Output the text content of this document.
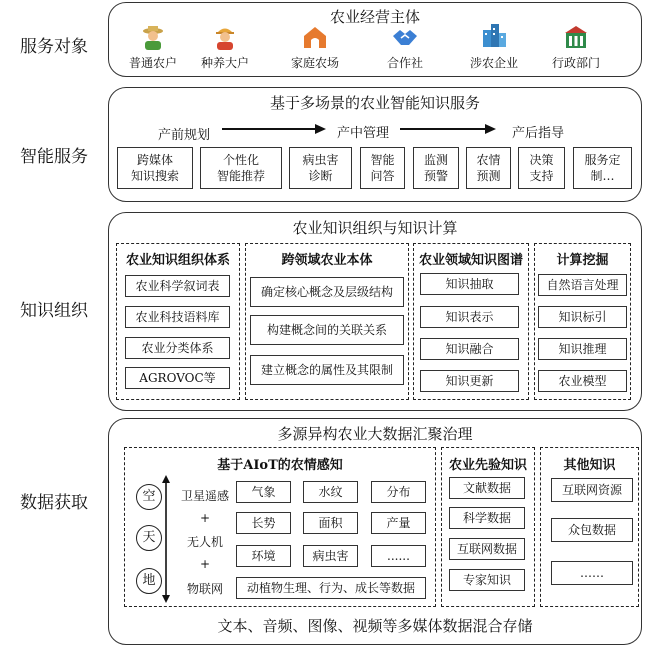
服务对象
智能服务
知识组织
数据获取
农业经营主体
普通农户	种养大户	家庭农场	合作社	涉农企业	行政部门
基于多场景的农业智能知识服务
产前规划	产中管理	产后指导
跨媒体
知识搜索
个性化
智能推荐
病虫害
诊断
智能
问答
监测
预警
农情
预测
决策
支持
服务定
制…
农业知识组织与知识计算
农业知识组织体系
农业科学叙词表
农业科技语料库
农业分类体系
AGROVOC等
跨领域农业本体
确定核心概念及层级结构
构建概念间的关联关系
建立概念的属性及其限制
农业领域知识图谱
知识抽取
知识表示
知识融合
知识更新
计算挖掘
自然语言处理
知识标引
知识推理
农业模型
多源异构农业大数据汇聚治理
文本、音频、图像、视频等多媒体数据混合存储
基于AIoT的农情感知
空
天
地
卫星遥感
+
无人机
+
物联网
气象	水纹	分布
长势	面积	产量
环境	病虫害	......
动植物生理、行为、成长等数据
农业先验知识
文献数据
科学数据
互联网数据
专家知识
其他知识
互联网资源
众包数据
……
